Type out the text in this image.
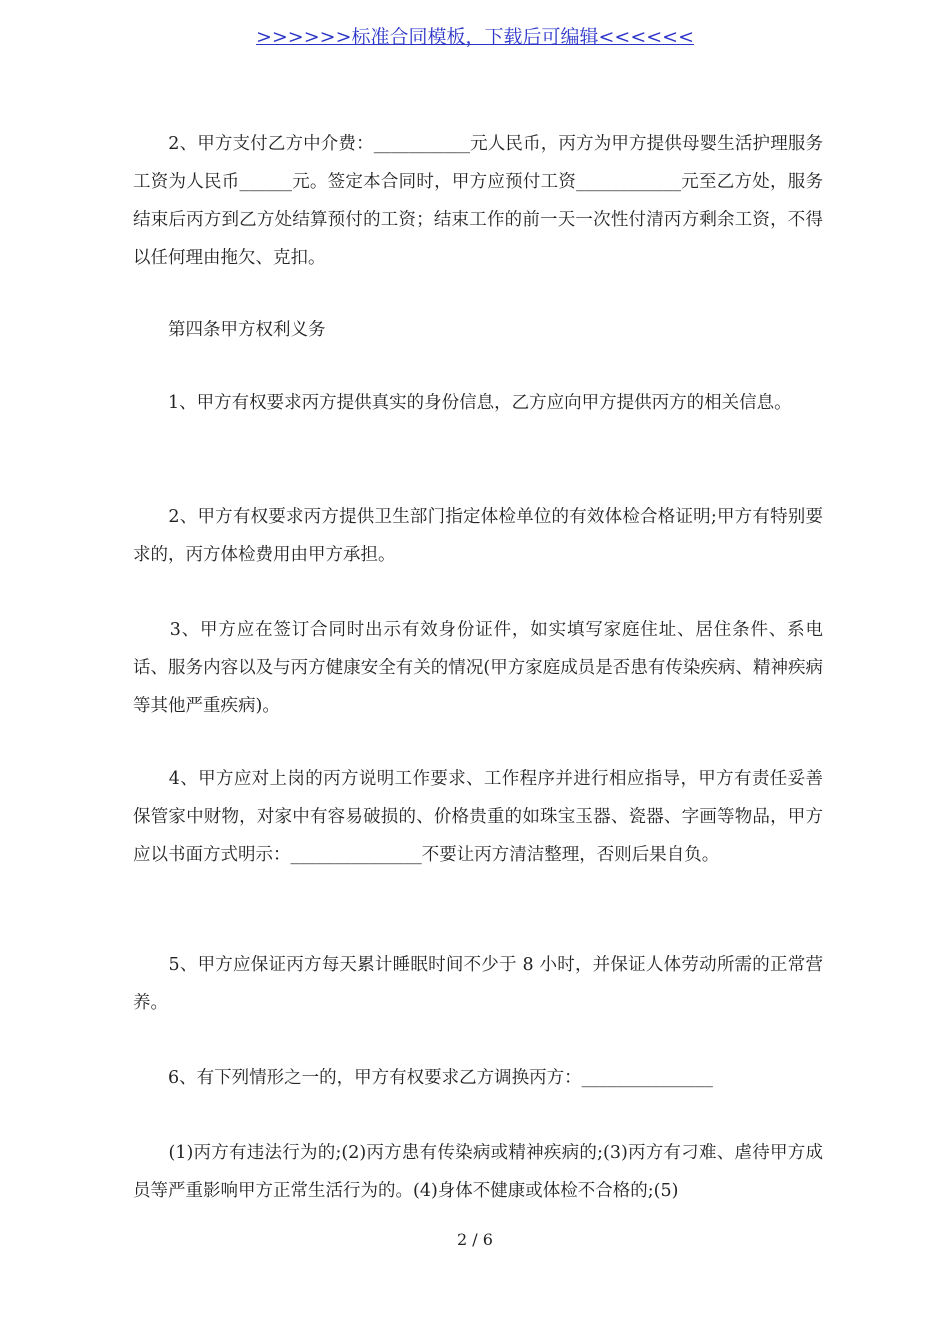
>>>>>>标准合同模板，下载后可编辑<<<<<<

　　2、甲方支付乙方中介费：___________元人民币，丙方为甲方提供母婴生活护理服务工资为人民币______元。签定本合同时，甲方应预付工资____________元至乙方处，服务结束后丙方到乙方处结算预付的工资；结束工作的前一天一次性付清丙方剩余工资，不得以任何理由拖欠、克扣。

　　第四条甲方权利义务

　　1、甲方有权要求丙方提供真实的身份信息，乙方应向甲方提供丙方的相关信息。

　　2、甲方有权要求丙方提供卫生部门指定体检单位的有效体检合格证明;甲方有特别要求的，丙方体检费用由甲方承担。

　　3、甲方应在签订合同时出示有效身份证件，如实填写家庭住址、居住条件、系电话、服务内容以及与丙方健康安全有关的情况(甲方家庭成员是否患有传染疾病、精神疾病等其他严重疾病)。

　　4、甲方应对上岗的丙方说明工作要求、工作程序并进行相应指导，甲方有责任妥善保管家中财物，对家中有容易破损的、价格贵重的如珠宝玉器、瓷器、字画等物品，甲方应以书面方式明示：_______________不要让丙方清洁整理，否则后果自负。

　　5、甲方应保证丙方每天累计睡眠时间不少于 8 小时，并保证人体劳动所需的正常营养。

　　6、有下列情形之一的，甲方有权要求乙方调换丙方：_______________

　　(1)丙方有违法行为的;(2)丙方患有传染病或精神疾病的;(3)丙方有刁难、虐待甲方成员等严重影响甲方正常生活行为的。(4)身体不健康或体检不合格的;(5)

2 / 6
